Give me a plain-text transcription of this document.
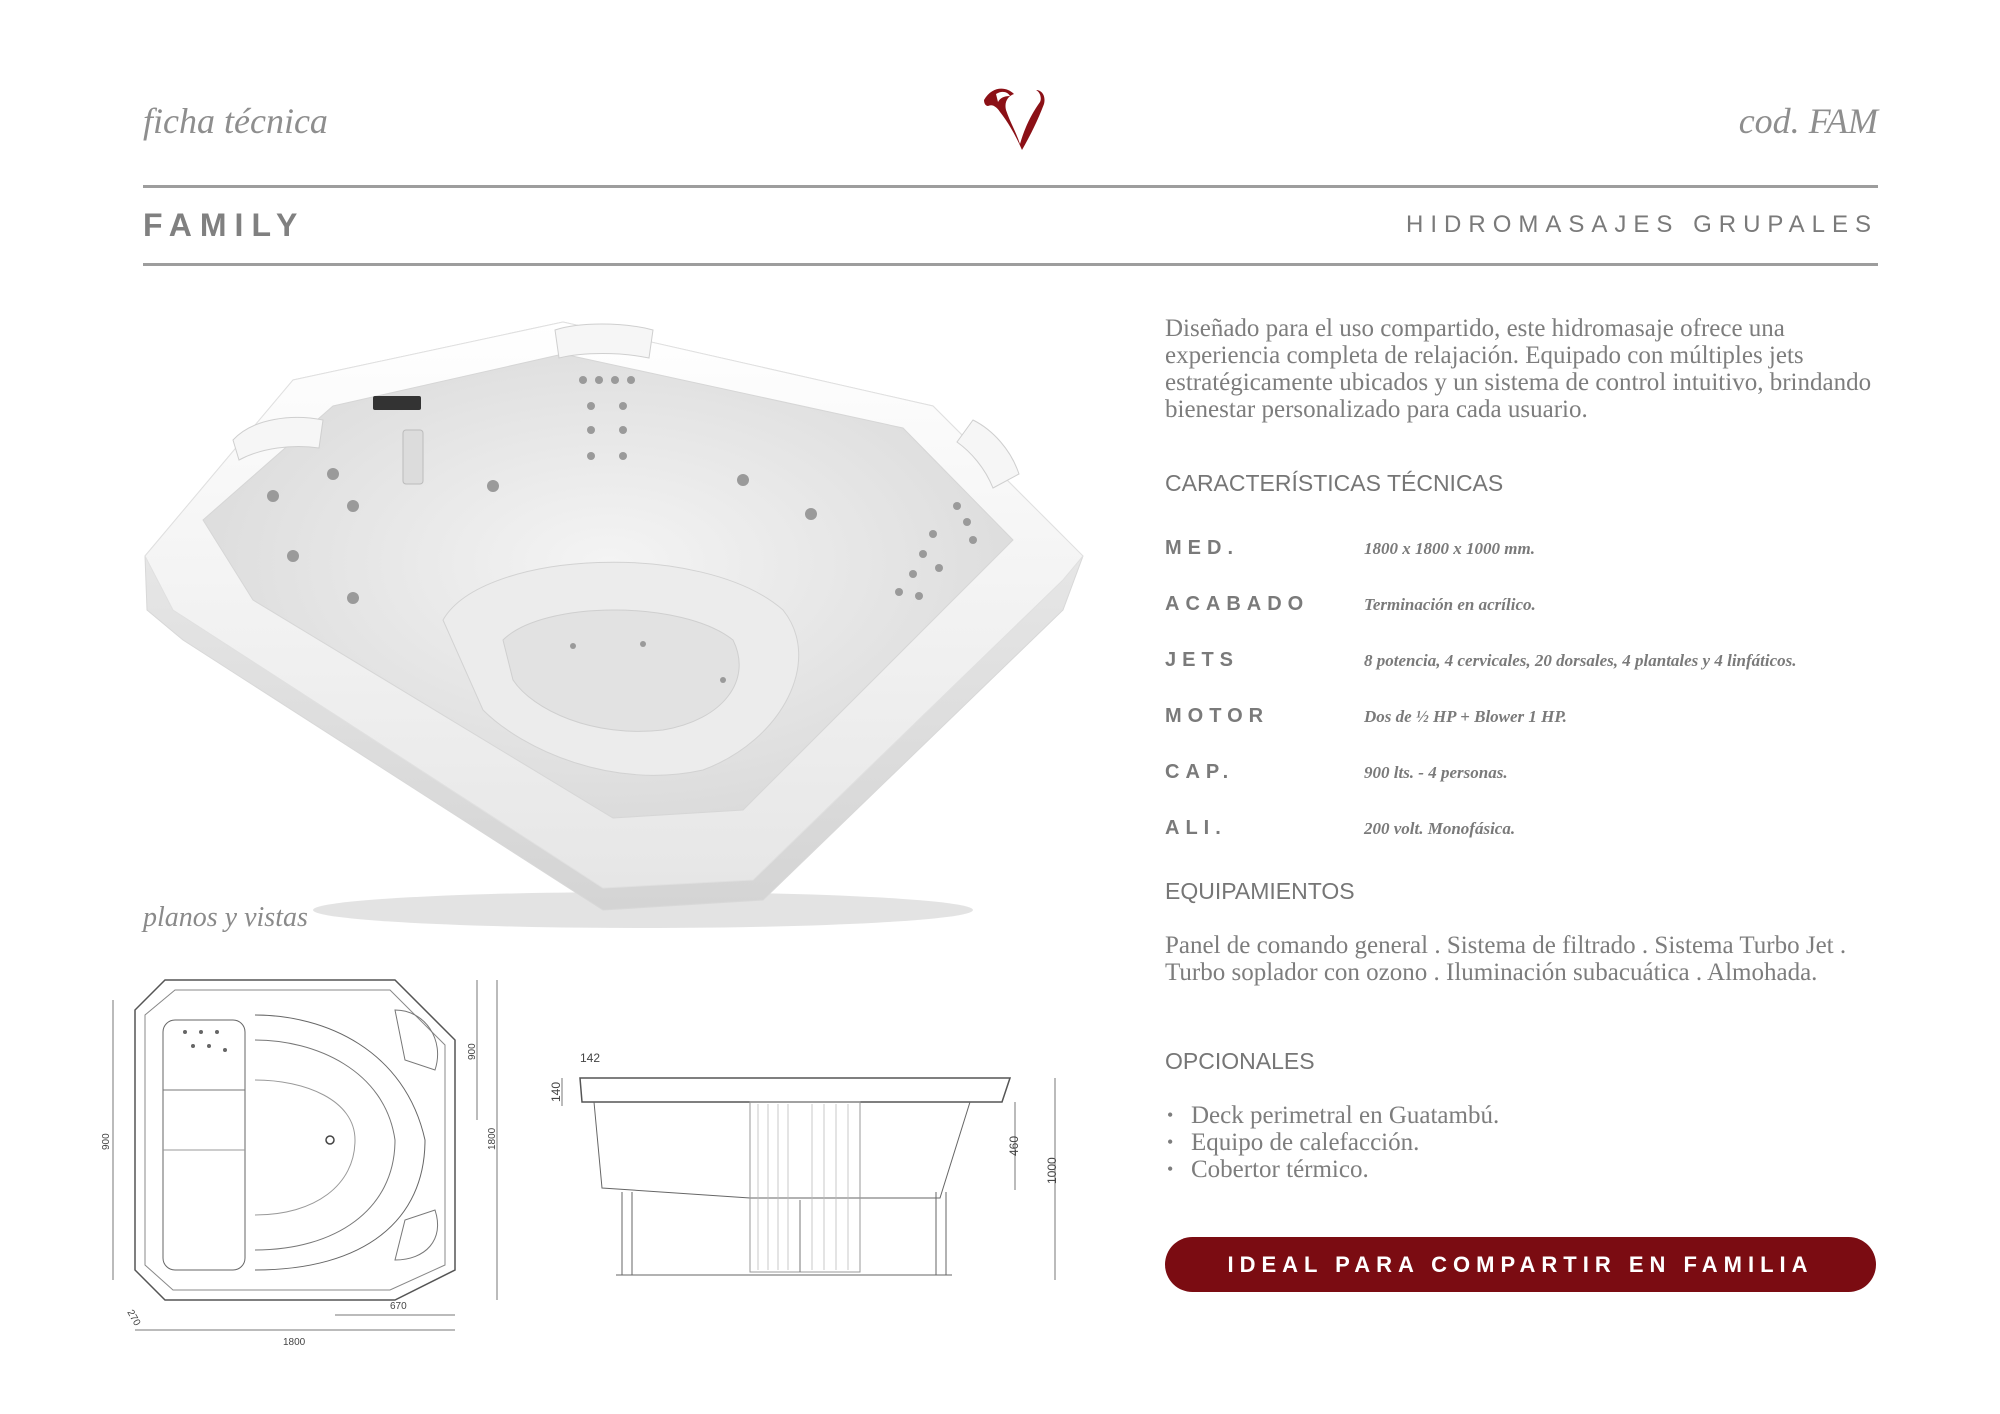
ficha técnica	cod. FAM
FAMILY	HIDROMASAJES GRUPALES
planos y vistas
900
900
1800
1800
670
270
142
140
460
1000
Diseñado para el uso compartido, este hidromasaje ofrece una experiencia completa de relajación. Equipado con múltiples jets estratégicamente ubicados y un sistema de control intuitivo, brindando bienestar personalizado para cada usuario.
CARACTERÍSTICAS TÉCNICAS
MED.	1800 x 1800 x 1000 mm.
ACABADO	Terminación en acrílico.
JETS	8 potencia, 4 cervicales, 20 dorsales, 4 plantales y 4 linfáticos.
MOTOR	Dos de ½ HP + Blower 1 HP.
CAP.	900 lts. - 4 personas.
ALI.	200 volt. Monofásica.
EQUIPAMIENTOS
Panel de comando general . Sistema de filtrado . Sistema Turbo Jet . Turbo soplador con ozono . Iluminación subacuática . Almohada.
OPCIONALES
• Deck perimetral en Guatambú.
• Equipo de calefacción.
• Cobertor térmico.
IDEAL PARA COMPARTIR EN FAMILIA
